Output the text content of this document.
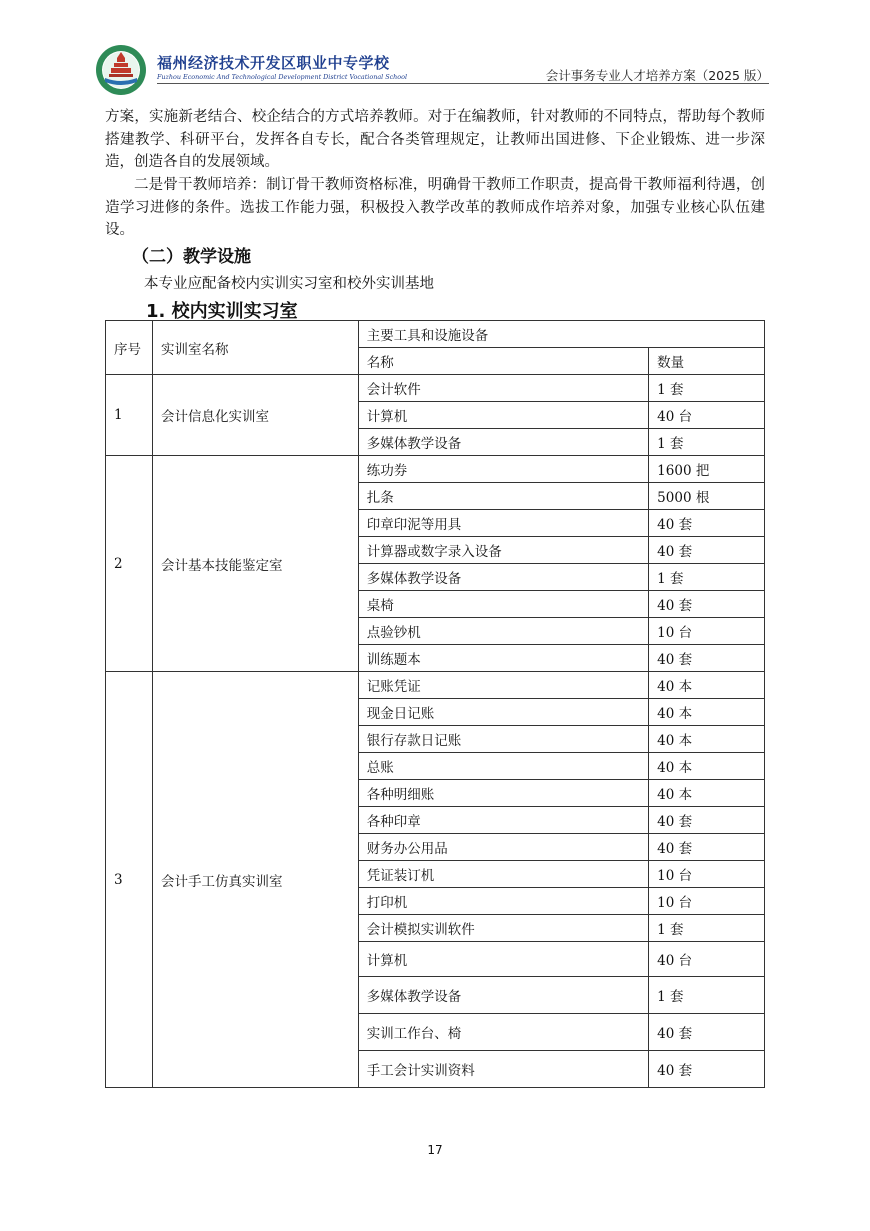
福州经济技术开发区职业中专学校
Fuzhou Economic And Technological Development District Vocational School	会计事务专业人才培养方案（2025 版）

方案，实施新老结合、校企结合的方式培养教师。对于在编教师，针对教师的不同特点，帮助每个教师搭建教学、科研平台，发挥各自专长，配合各类管理规定，让教师出国进修、下企业锻炼、进一步深造，创造各自的发展领域。

二是骨干教师培养：制订骨干教师资格标准，明确骨干教师工作职责，提高骨干教师福利待遇，创造学习进修的条件。选拔工作能力强，积极投入教学改革的教师成作培养对象，加强专业核心队伍建设。

（二）教学设施
本专业应配备校内实训实习室和校外实训基地
1. 校内实训实习室
序号	实训室名称	主要工具和设施设备	
		名称	数量
1	会计信息化实训室	会计软件	1 套
		计算机	40 台
		多媒体教学设备	1 套
2	会计基本技能鉴定室	练功券	1600 把
		扎条	5000 根
		印章印泥等用具	40 套
		计算器或数字录入设备	40 套
		多媒体教学设备	1 套
		桌椅	40 套
		点验钞机	10 台
		训练题本	40 套
3	会计手工仿真实训室	记账凭证	40 本
		现金日记账	40 本
		银行存款日记账	40 本
		总账	40 本
		各种明细账	40 本
		各种印章	40 套
		财务办公用品	40 套
		凭证装订机	10 台
		打印机	10 台
		会计模拟实训软件	1 套
		计算机	40 台
		多媒体教学设备	1 套
		实训工作台、椅	40 套
		手工会计实训资料	40 套
17
